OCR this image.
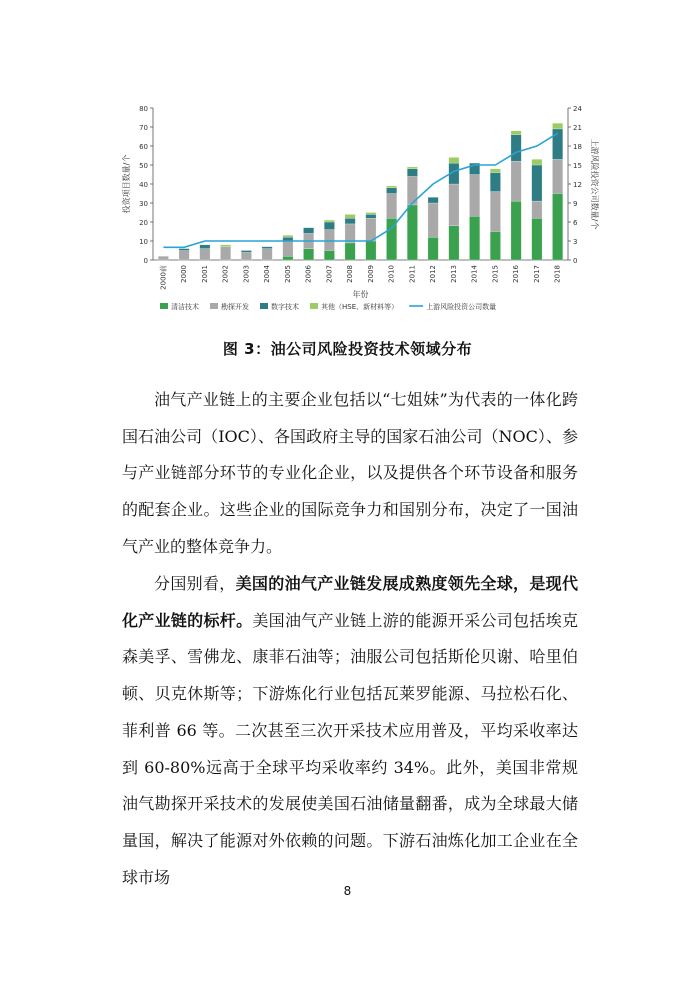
0
10
20
30
40
50
60
70
80
0
3
6
9
12
15
18
21
24
投资项目数量/个	上游风险投资公司数量/个
2000前 2000 2001 2002 2003 2004 2005 2006 2007 2008 2009 2010 2011 2012 2013 2014 2015 2016 2017 2018
年份
清洁技术	勘探开发	数字技术	其他（HSE、新材料等）	上游风险投资公司数量
图 3：油公司风险投资技术领域分布

油气产业链上的主要企业包括以“七姐妹”为代表的一体化跨国石油公司（IOC）、各国政府主导的国家石油公司（NOC）、参与产业链部分环节的专业化企业，以及提供各个环节设备和服务的配套企业。这些企业的国际竞争力和国别分布，决定了一国油气产业的整体竞争力。

分国别看，美国的油气产业链发展成熟度领先全球，是现代化产业链的标杆。美国油气产业链上游的能源开采公司包括埃克森美孚、雪佛龙、康菲石油等；油服公司包括斯伦贝谢、哈里伯顿、贝克休斯等；下游炼化行业包括瓦莱罗能源、马拉松石化、菲利普 66 等。二次甚至三次开采技术应用普及，平均采收率达到 60-80%远高于全球平均采收率约 34%。此外，美国非常规油气勘探开采技术的发展使美国石油储量翻番，成为全球最大储量国，解决了能源对外依赖的问题。下游石油炼化加工企业在全球市场

8
